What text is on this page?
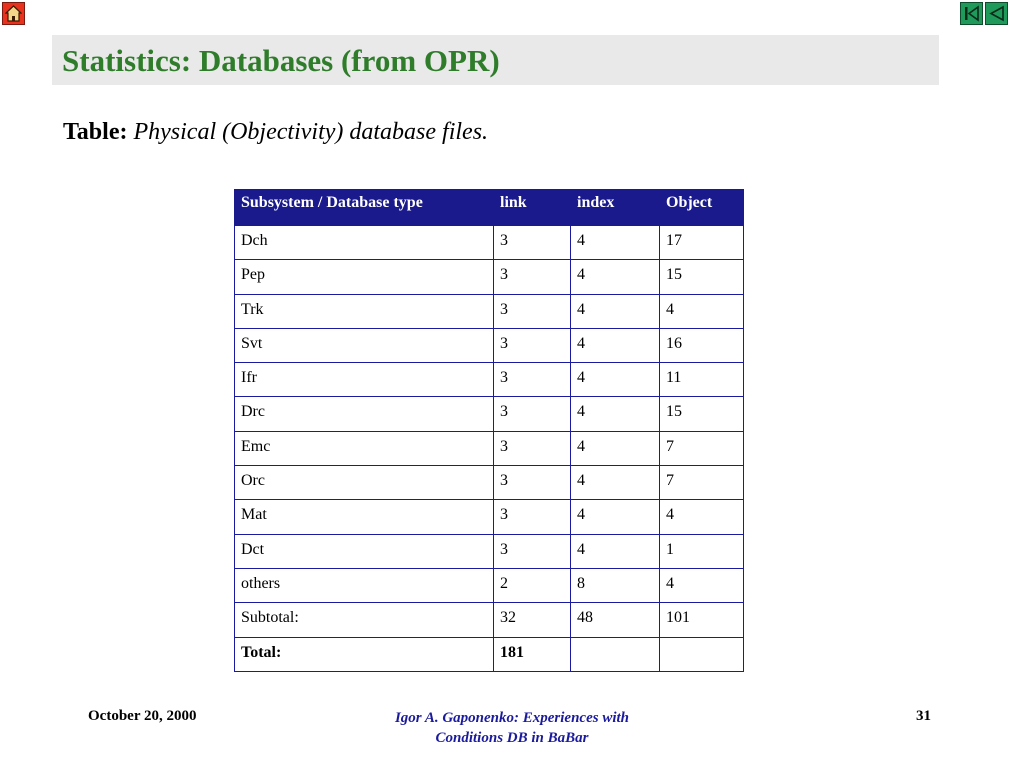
Statistics: Databases (from OPR)
Table: Physical (Objectivity) database files.
Subsystem / Database type	link	index	Object
Dch	3	4	17
Pep	3	4	15
Trk	3	4	4
Svt	3	4	16
Ifr	3	4	11
Drc	3	4	15
Emc	3	4	7
Orc	3	4	7
Mat	3	4	4
Dct	3	4	1
others	2	8	4
Subtotal:	32	48	101
Total:	181		
October 20, 2000	Igor A. Gaponenko: Experiences with
Conditions DB in BaBar
31
